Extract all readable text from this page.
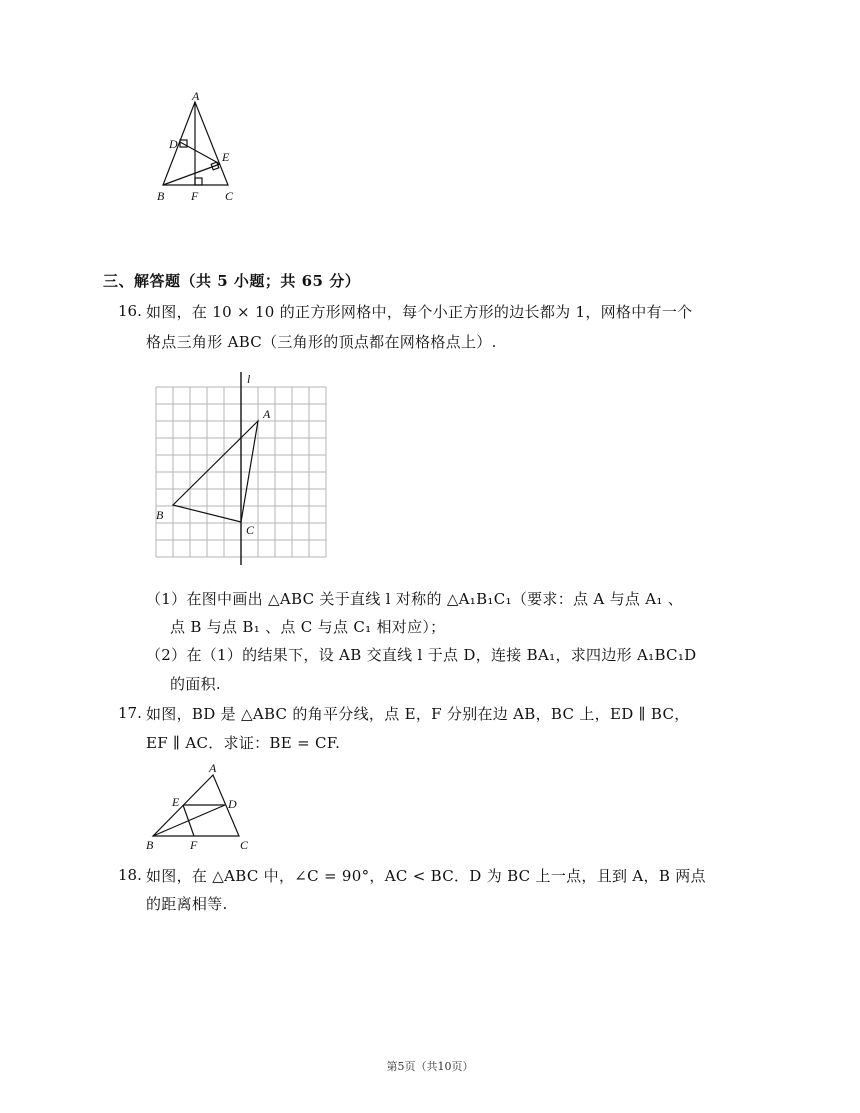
A
D
E
B F C
三、解答题（共 5 小题；共 65 分）
16. 如图，在 10 × 10 的正方形网格中，每个小正方形的边长都为 1，网格中有一个
格点三角形 ABC（三角形的顶点都在网格格点上）.
l
A
B
C
（1）在图中画出 △ABC 关于直线 l 对称的 △A₁B₁C₁（要求：点 A 与点 A₁ 、
点 B 与点 B₁ 、点 C 与点 C₁ 相对应）；
（2）在（1）的结果下，设 AB 交直线 l 于点 D，连接 BA₁，求四边形 A₁BC₁D
的面积.
17. 如图，BD 是 △ABC 的角平分线，点 E，F 分别在边 AB，BC 上，ED ∥ BC，
EF ∥ AC．求证：BE = CF.
A
E	D
B	F	C
18. 如图，在 △ABC 中，∠C = 90°，AC < BC．D 为 BC 上一点，且到 A，B 两点
的距离相等.
第5页（共10页）
